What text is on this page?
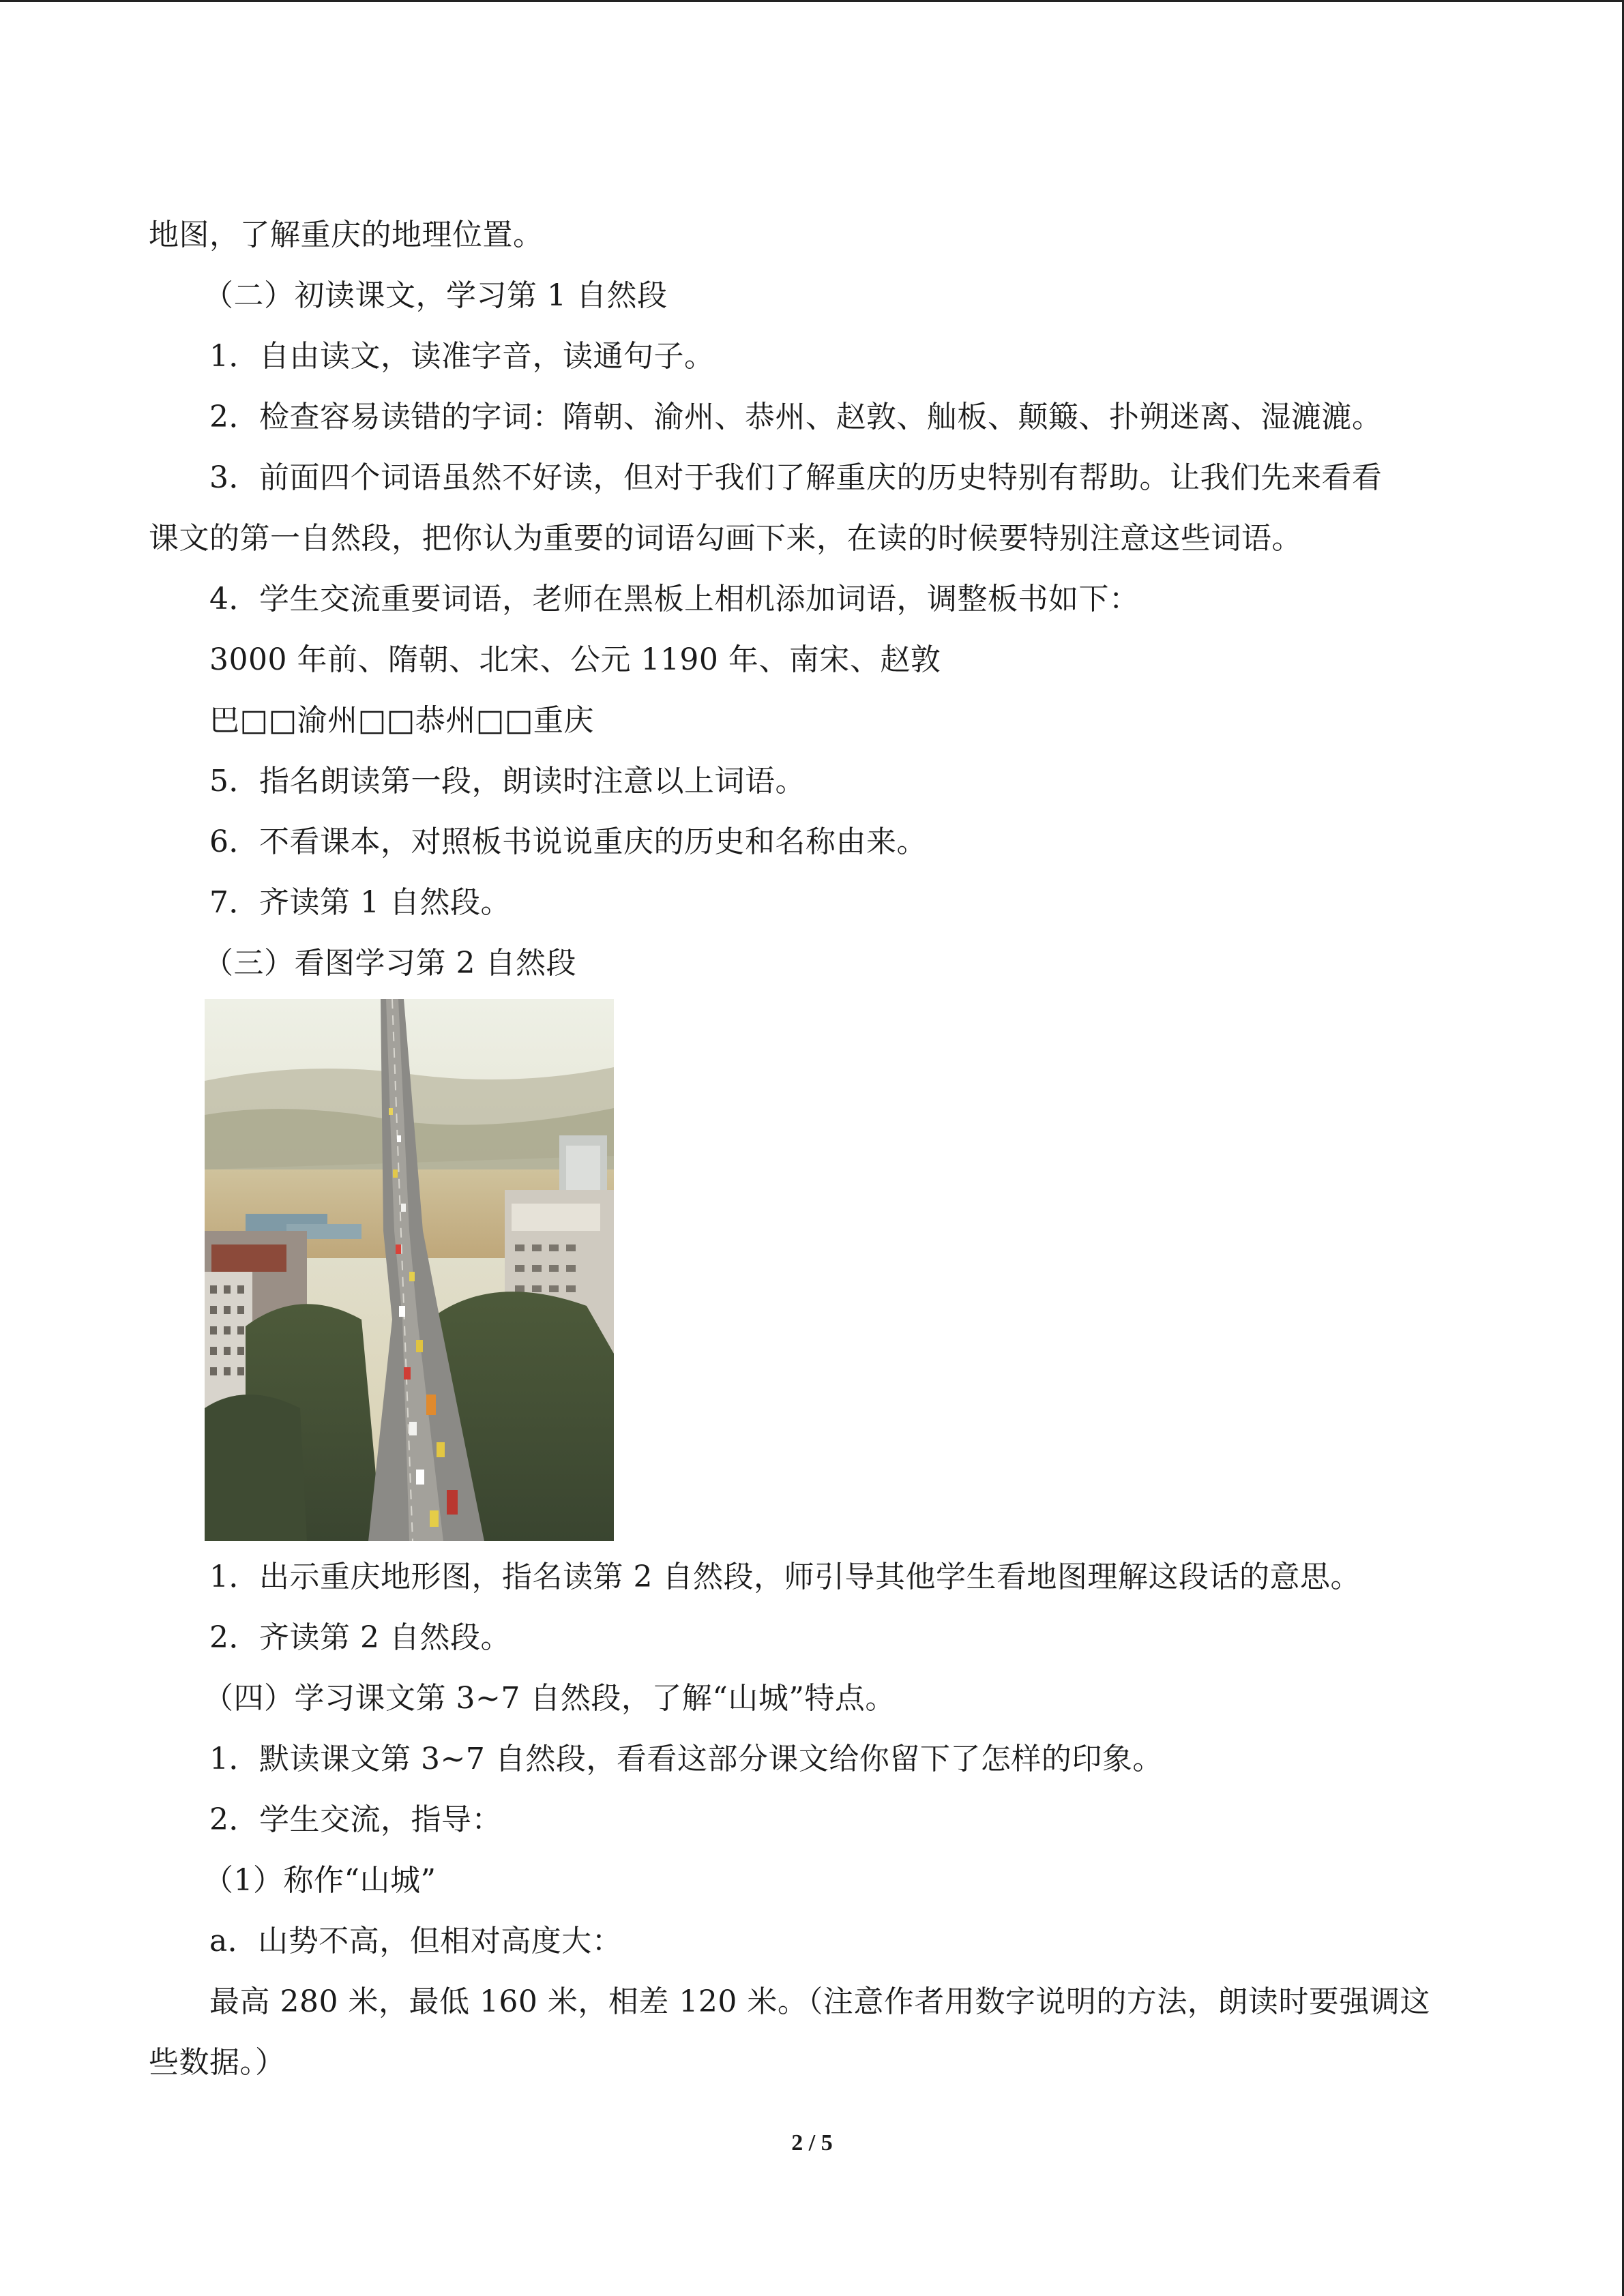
地图，了解重庆的地理位置。
（二）初读课文，学习第 1 自然段
1．自由读文，读准字音，读通句子。
2．检查容易读错的字词：隋朝、渝州、恭州、赵敦、舢板、颠簸、扑朔迷离、湿漉漉。
3．前面四个词语虽然不好读，但对于我们了解重庆的历史特别有帮助。让我们先来看看
课文的第一自然段，把你认为重要的词语勾画下来，在读的时候要特别注意这些词语。
4．学生交流重要词语，老师在黑板上相机添加词语，调整板书如下：
3000 年前、隋朝、北宋、公元 1190 年、南宋、赵敦
巴□□渝州□□恭州□□重庆
5．指名朗读第一段，朗读时注意以上词语。
6．不看课本，对照板书说说重庆的历史和名称由来。
7．齐读第 1 自然段。
（三）看图学习第 2 自然段
1．出示重庆地形图，指名读第 2 自然段，师引导其他学生看地图理解这段话的意思。
2．齐读第 2 自然段。
（四）学习课文第 3~7 自然段，了解“山城”特点。
1．默读课文第 3~7 自然段，看看这部分课文给你留下了怎样的印象。
2．学生交流，指导：
（1）称作“山城”
a．山势不高，但相对高度大：
最高 280 米，最低 160 米，相差 120 米。（注意作者用数字说明的方法，朗读时要强调这
些数据。）
2 / 5
